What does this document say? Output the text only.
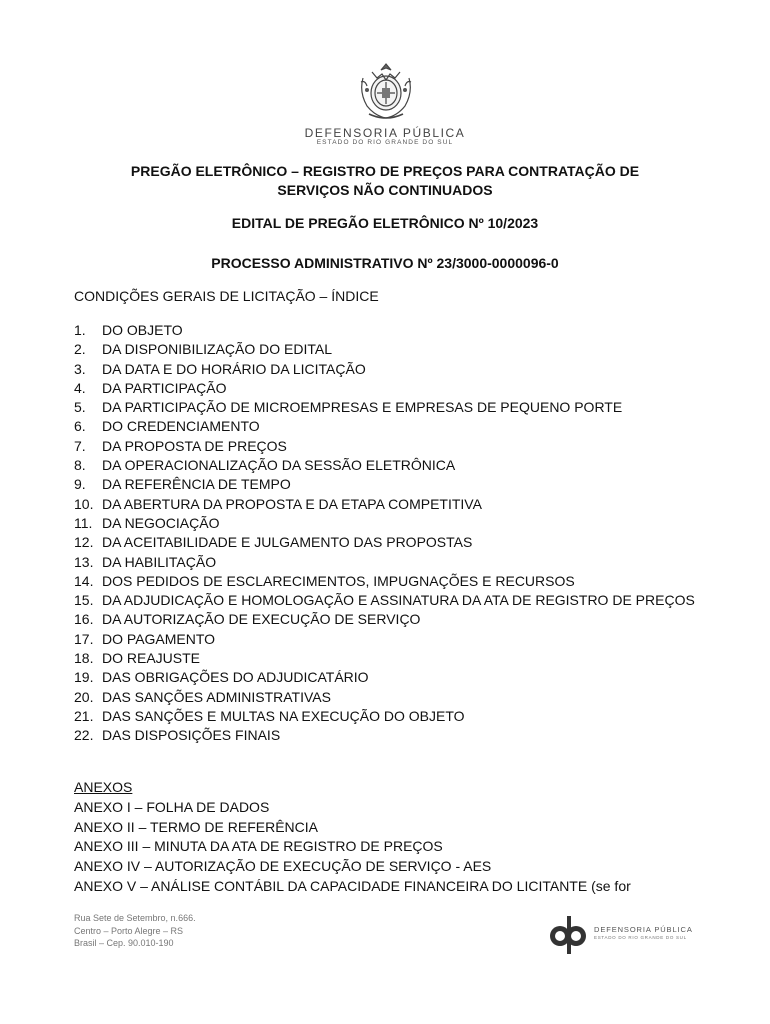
DEFENSORIA PÚBLICA
ESTADO DO RIO GRANDE DO SUL
PREGÃO ELETRÔNICO – REGISTRO DE PREÇOS PARA CONTRATAÇÃO DE
SERVIÇOS NÃO CONTINUADOS
EDITAL DE PREGÃO ELETRÔNICO Nº 10/2023
PROCESSO ADMINISTRATIVO Nº 23/3000-0000096-0
CONDIÇÕES GERAIS DE LICITAÇÃO – ÍNDICE
1.	DO OBJETO
2.	DA DISPONIBILIZAÇÃO DO EDITAL
3.	DA DATA E DO HORÁRIO DA LICITAÇÃO
4.	DA PARTICIPAÇÃO
5.	DA PARTICIPAÇÃO DE MICROEMPRESAS E EMPRESAS DE PEQUENO PORTE
6.	DO CREDENCIAMENTO
7.	DA PROPOSTA DE PREÇOS
8.	DA OPERACIONALIZAÇÃO DA SESSÃO ELETRÔNICA
9.	DA REFERÊNCIA DE TEMPO
10. DA ABERTURA DA PROPOSTA E DA ETAPA COMPETITIVA
11. DA NEGOCIAÇÃO
12. DA ACEITABILIDADE E JULGAMENTO DAS PROPOSTAS
13. DA HABILITAÇÃO
14. DOS PEDIDOS DE ESCLARECIMENTOS, IMPUGNAÇÕES E RECURSOS
15. DA ADJUDICAÇÃO E HOMOLOGAÇÃO E ASSINATURA DA ATA DE REGISTRO DE PREÇOS
16. DA AUTORIZAÇÃO DE EXECUÇÃO DE SERVIÇO
17. DO PAGAMENTO
18. DO REAJUSTE
19. DAS OBRIGAÇÕES DO ADJUDICATÁRIO
20. DAS SANÇÕES ADMINISTRATIVAS
21. DAS SANÇÕES E MULTAS NA EXECUÇÃO DO OBJETO
22. DAS DISPOSIÇÕES FINAIS
ANEXOS
ANEXO I – FOLHA DE DADOS
ANEXO II – TERMO DE REFERÊNCIA
ANEXO III – MINUTA DA ATA DE REGISTRO DE PREÇOS
ANEXO IV – AUTORIZAÇÃO DE EXECUÇÃO DE SERVIÇO - AES
ANEXO V – ANÁLISE CONTÁBIL DA CAPACIDADE FINANCEIRA DO LICITANTE (se for
Rua Sete de Setembro, n.666.
Centro – Porto Alegre – RS
Brasil – Cep. 90.010-190
DEFENSORIA PÚBLICA
ESTADO DO RIO GRANDE DO SUL
